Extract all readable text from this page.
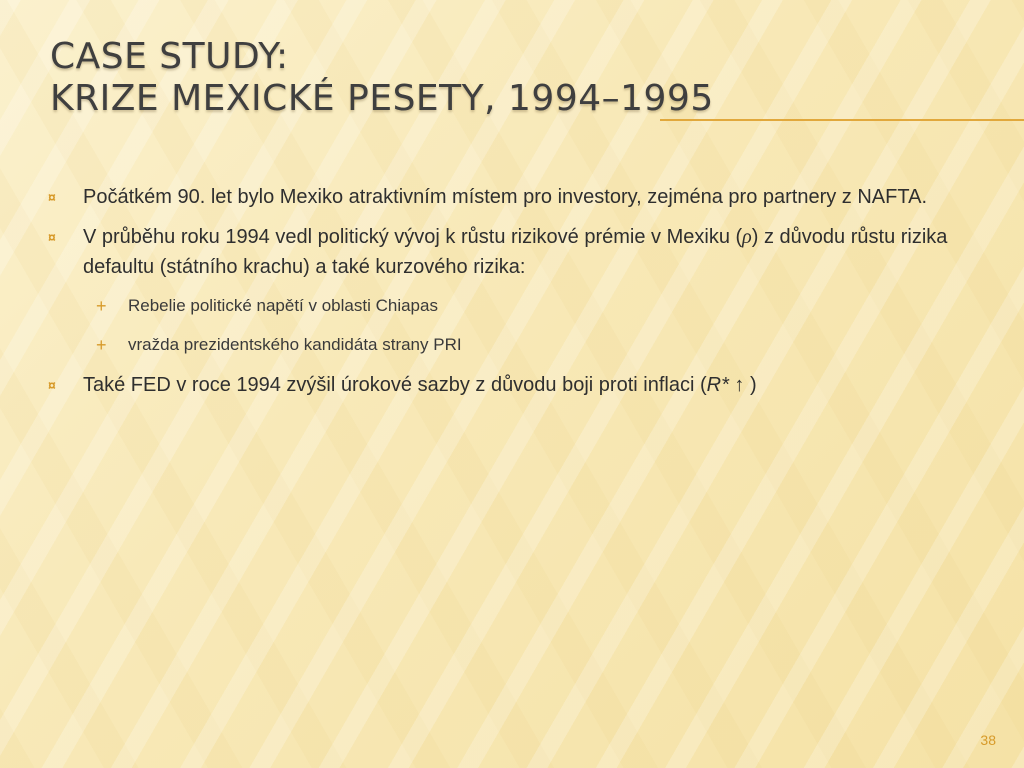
CASE STUDY:
KRIZE MEXICKÉ PESETY, 1994–1995
¤	Počátkém 90. let bylo Mexiko atraktivním místem pro investory, zejména pro partnery z NAFTA.
¤	V průběhu roku 1994 vedl politický vývoj k růstu rizikové prémie v Mexiku (ρ) z důvodu růstu rizika defaultu (státního krachu) a také kurzového rizika:
+ Rebelie politické napětí v oblasti Chiapas
+ vražda prezidentského kandidáta strany PRI
¤	Také FED v roce 1994 zvýšil úrokové sazby z důvodu boji proti inflaci (R* ↑ )
38
